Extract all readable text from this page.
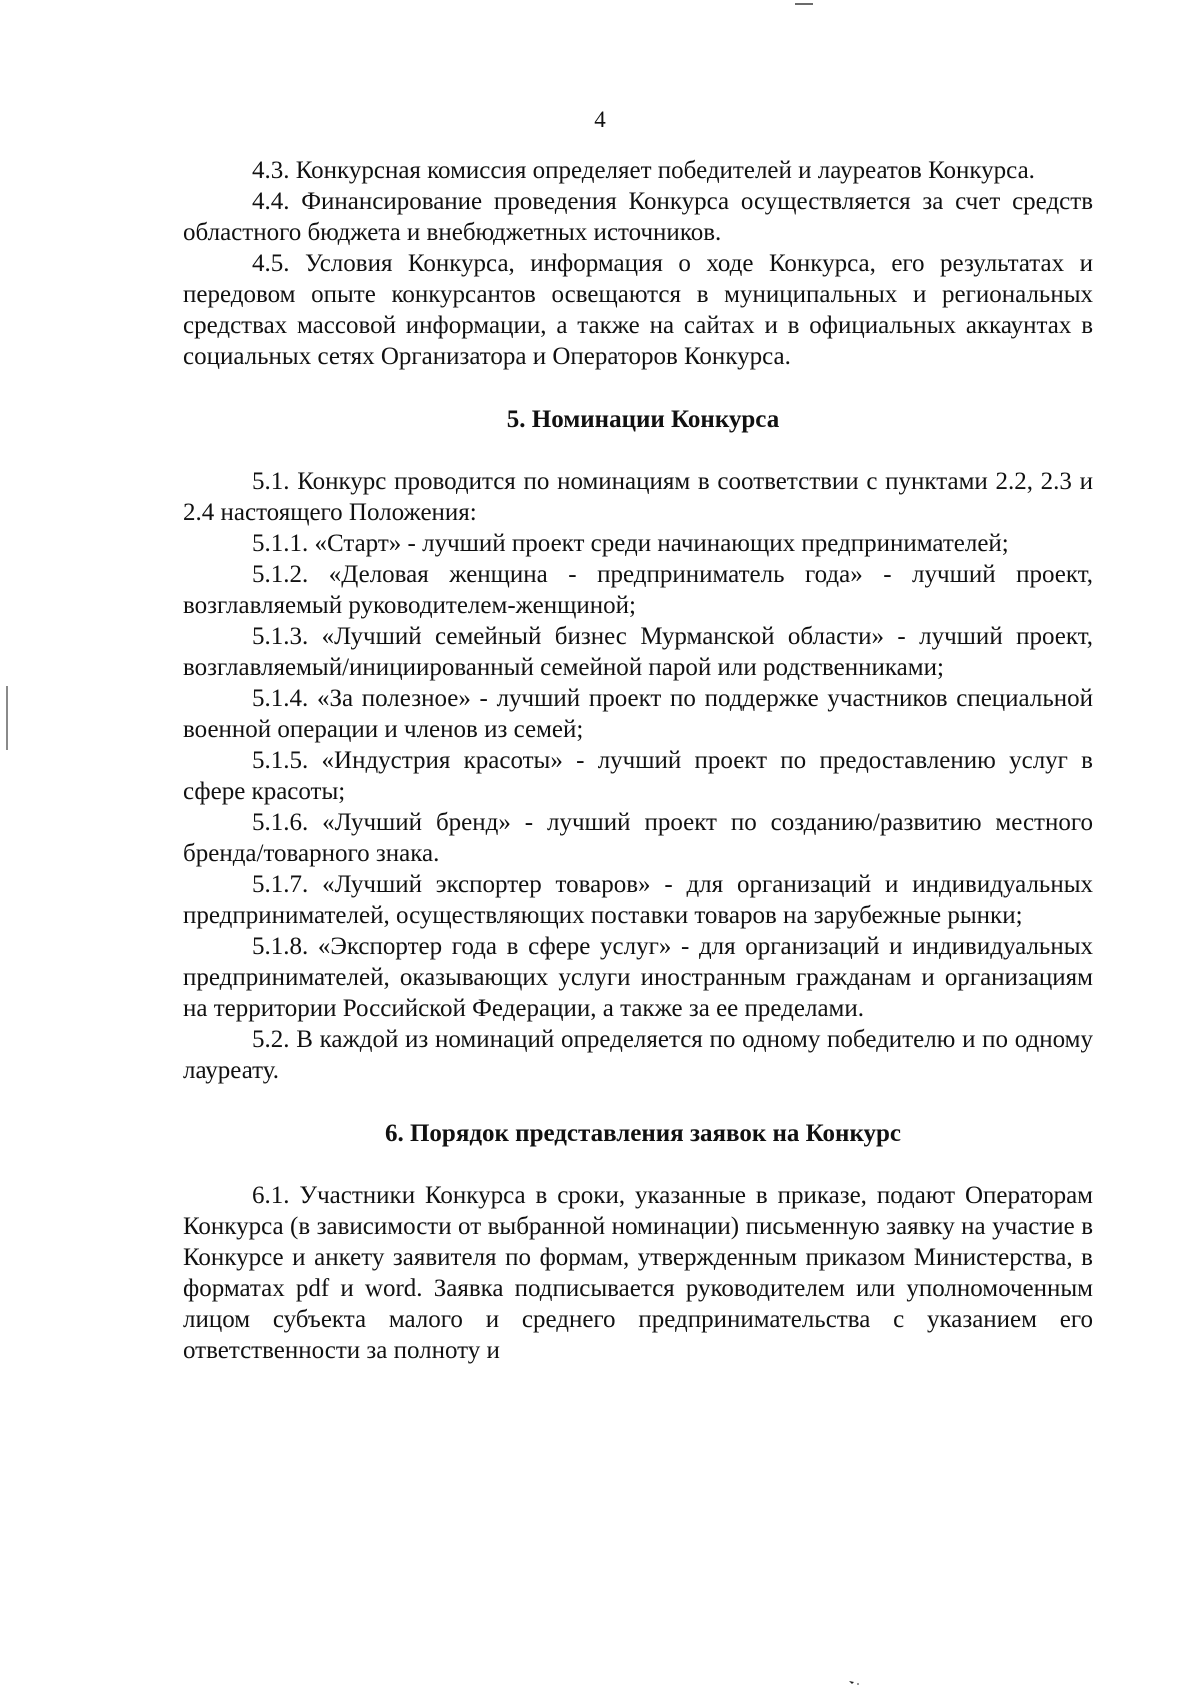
4

4.3. Конкурсная комиссия определяет победителей и лауреатов Конкурса.

4.4. Финансирование проведения Конкурса осуществляется за счет средств областного бюджета и внебюджетных источников.

4.5. Условия Конкурса, информация о ходе Конкурса, его результатах и передовом опыте конкурсантов освещаются в муниципальных и региональных средствах массовой информации, а также на сайтах и в официальных аккаунтах в социальных сетях Организатора и Операторов Конкурса.

5. Номинации Конкурса

5.1. Конкурс проводится по номинациям в соответствии с пунктами 2.2, 2.3 и 2.4 настоящего Положения:

5.1.1. «Старт» - лучший проект среди начинающих предпринимателей;

5.1.2. «Деловая женщина - предприниматель года» - лучший проект, возглавляемый руководителем-женщиной;

5.1.3. «Лучший семейный бизнес Мурманской области» - лучший проект, возглавляемый/инициированный семейной парой или родственниками;

5.1.4. «За полезное» - лучший проект по поддержке участников специальной военной операции и членов из семей;

5.1.5. «Индустрия красоты» - лучший проект по предоставлению услуг в сфере красоты;

5.1.6. «Лучший бренд» - лучший проект по созданию/развитию местного бренда/товарного знака.

5.1.7. «Лучший экспортер товаров» - для организаций и индивидуальных предпринимателей, осуществляющих поставки товаров на зарубежные рынки;

5.1.8. «Экспортер года в сфере услуг» - для организаций и индивидуальных предпринимателей, оказывающих услуги иностранным гражданам и организациям на территории Российской Федерации, а также за ее пределами.

5.2. В каждой из номинаций определяется по одному победителю и по одному лауреату.

6. Порядок представления заявок на Конкурс

6.1. Участники Конкурса в сроки, указанные в приказе, подают Операторам Конкурса (в зависимости от выбранной номинации) письменную заявку на участие в Конкурсе и анкету заявителя по формам, утвержденным приказом Министерства, в форматах pdf и word. Заявка подписывается руководителем или уполномоченным лицом субъекта малого и среднего предпринимательства с указанием его ответственности за полноту и
